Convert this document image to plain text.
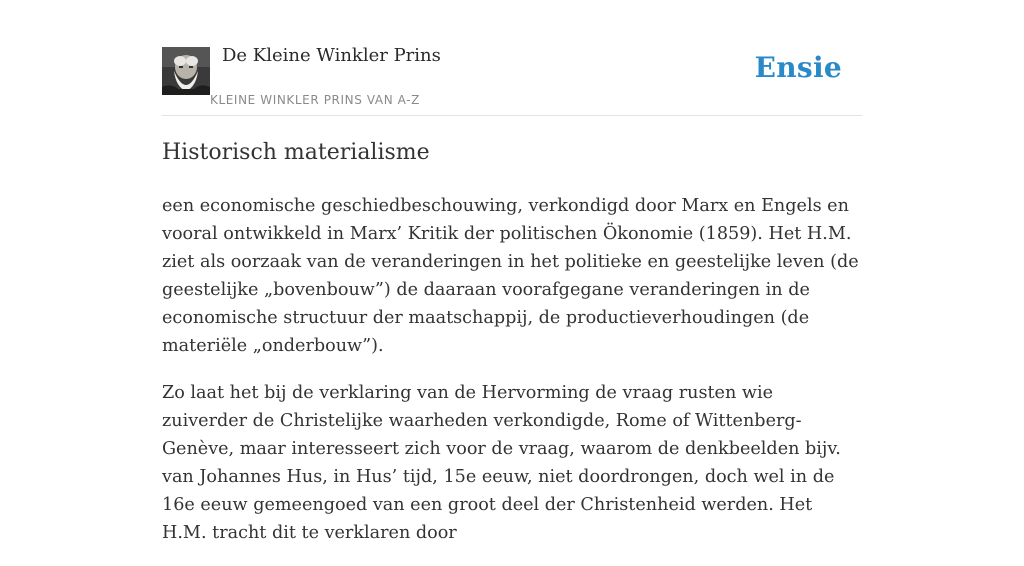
De Kleine Winkler Prins
KLEINE WINKLER PRINS VAN A-Z
Ensie
Historisch materialisme

een economische geschiedbeschouwing, verkondigd door Marx en Engels en vooral ontwikkeld in Marx’ Kritik der politischen Ökonomie (1859). Het H.M. ziet als oorzaak van de veranderingen in het politieke en geestelijke leven (de geestelijke „bovenbouw”) de daaraan voorafgegane veranderingen in de economische structuur der maatschappij, de productieverhoudingen (de materiële „onderbouw”).

Zo laat het bij de verklaring van de Hervorming de vraag rusten wie zuiverder de Christelijke waarheden verkondigde, Rome of Wittenberg-Genève, maar interesseert zich voor de vraag, waarom de denkbeelden bijv. van Johannes Hus, in Hus’ tijd, 15e eeuw, niet doordrongen, doch wel in de 16e eeuw gemeengoed van een groot deel der Christenheid werden. Het H.M. tracht dit te verklaren door
